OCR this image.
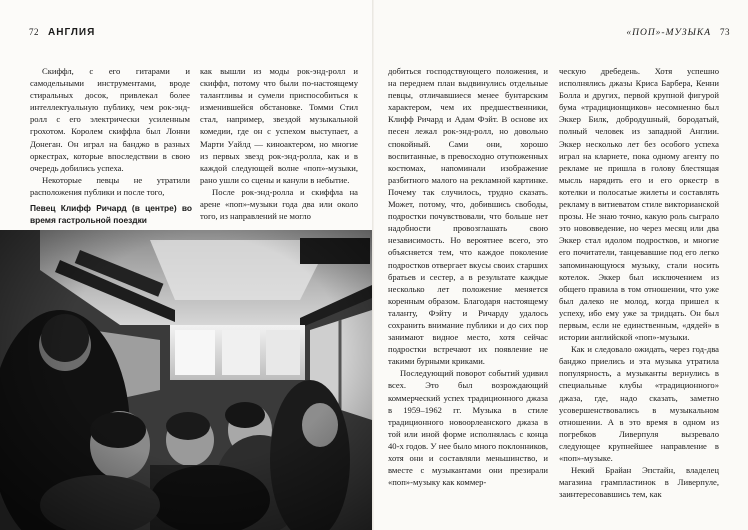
72 АНГЛИЯ

Скиффл, с его гитарами и самодельными инструментами, вроде стиральных досок, привлекал более интеллектуальную публику, чем рок-энд-ролл с его электрически усиленным грохотом. Королем скиффла был Лонни Донеган. Он играл на банджо в разных оркестрах, которые впоследствии в свою очередь добились успеха.

Некоторые певцы не утратили расположения публики и после того,

как вышли из моды рок-энд-ролл и скиффл, потому что были по-настоящему талантливы и сумели приспособиться к изменившейся обстановке. Томми Стил стал, например, звездой музыкальной комедии, где он с успехом выступает, а Марти Уайлд — киноактером, но многие из первых звезд рок-энд-ролла, как и в каждой следующей волне «поп»-музыки, рано ушли со сцены и канули в небытие.

После рок-энд-ролла и скиффла на арене «поп»-музыки года два или около того, из направлений не могло

Певец Клифф Ричард (в центре) во время гастрольной поездки
«ПОП»-МУЗЫКА 73

добиться господствующего положения, и на переднем план выдвинулись отдельные певцы, отличавшиеся менее бунтарским характером, чем их предшественники, Клифф Ричард и Адам Фэйт. В основе их песен лежал рок-энд-ролл, но довольно спокойный. Сами они, хорошо воспитанные, в превосходно отутюженных костюмах, напоминали изображение разбитного малого на рекламной картинке. Почему так случилось, трудно сказать. Может, потому, что, добившись свободы, подростки почувствовали, что больше нет надобности провозглашать свою независимость. Но вероятнее всего, это объясняется тем, что каждое поколение подростков отвергает вкусы своих старших братьев и сестер, а в результате каждые несколько лет положение меняется коренным образом. Благодаря настоящему таланту, Фэйту и Ричарду удалось сохранить внимание публики и до сих пор занимают видное место, хотя сейчас подростки встречают их появление не такими бурными криками.

Последующий поворот событий удивил всех. Это был возрождающий коммерческий успех традиционного джаза в 1959–1962 гг. Музыка в стиле традиционного новоорлеанского джаза в той или иной форме исполнялась с конца 40-х годов. У нее было много поклонников, хотя они и составляли меньшинство, и вместе с музыкантами они презирали «поп»-музыку как коммер-

ческую дребедень. Хотя успешно исполнялись джазы Криса Барбера, Кенни Болла и других, первой крупной фигурой бума «традиционщиков» несомненно был Эккер Билк, добродушный, бородатый, полный человек из западной Англии. Эккер несколько лет без особого успеха играл на кларнете, пока одному агенту по рекламе не пришла в голову блестящая мысль нарядить его и его оркестр в котелки и полосатые жилеты и составлять рекламу в витиеватом стиле викторианской прозы. Не знаю точно, какую роль сыграло это нововведение, но через месяц или два Эккер стал идолом подростков, и многие его почитатели, танцевавшие под его легко запоминающуюся музыку, стали носить котелок. Эккер был исключением из общего правила в том отношении, что уже был далеко не молод, когда пришел к успеху, ибо ему уже за тридцать. Он был первым, если не единственным, «дядей» в истории английской «поп»-музыки.

Как и следовало ожидать, через год-два банджо приелись и эта музыка утратила популярность, а музыканты вернулись в специальные клубы «традиционного» джаза, где, надо сказать, заметно усовершенствовались в музыкальном отношении. А в это время в одном из погребков Ливерпуля вызревало следующее крупнейшее направление в «поп»-музыке.

Некий Брайан Эпстайн, владелец магазина грампластинок в Ливерпуле, заинтересовавшись тем, как
